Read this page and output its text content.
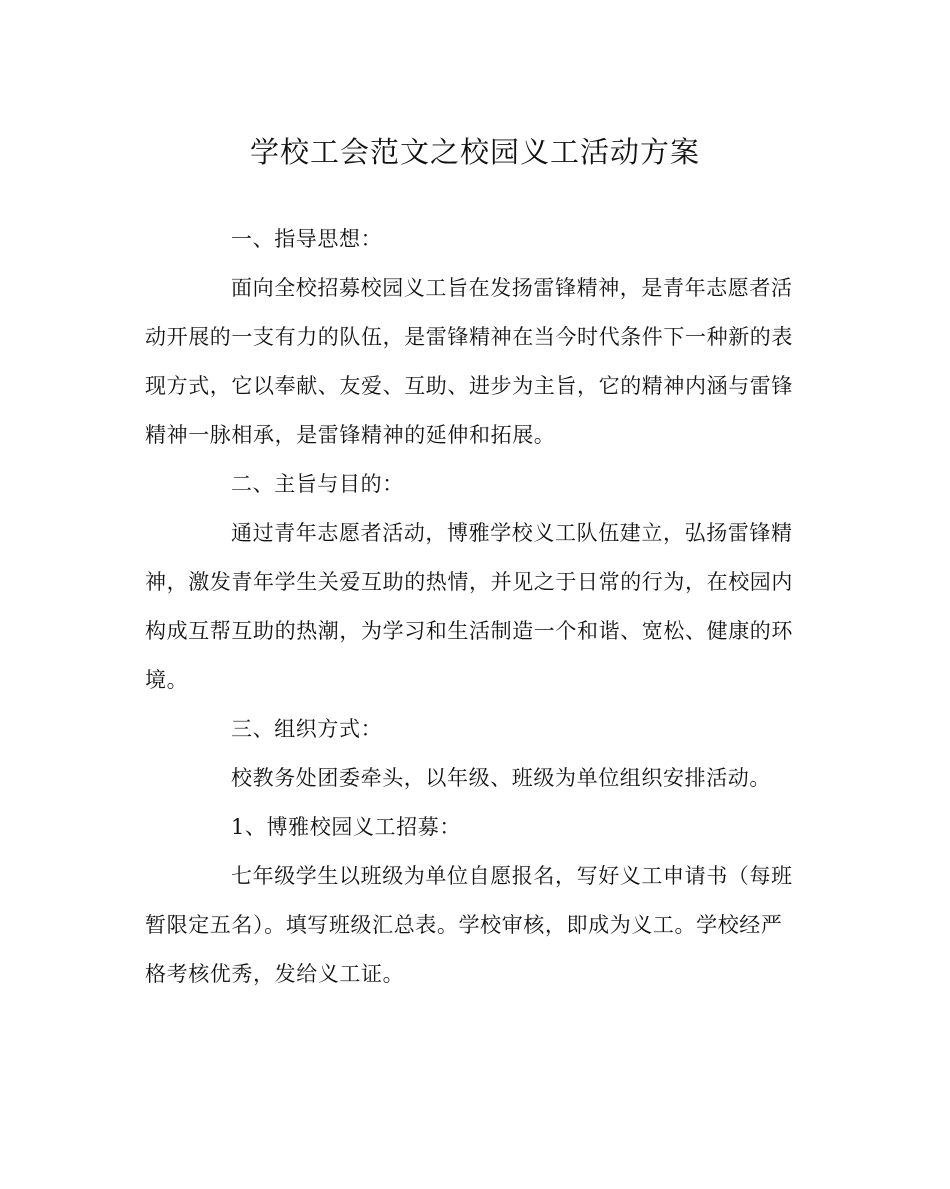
学校工会范文之校园义工活动方案
一、指导思想：
面向全校招募校园义工旨在发扬雷锋精神，是青年志愿者活
动开展的一支有力的队伍，是雷锋精神在当今时代条件下一种新的表
现方式，它以奉献、友爱、互助、进步为主旨，它的精神内涵与雷锋
精神一脉相承，是雷锋精神的延伸和拓展。
二、主旨与目的：
通过青年志愿者活动，博雅学校义工队伍建立，弘扬雷锋精
神，激发青年学生关爱互助的热情，并见之于日常的行为，在校园内
构成互帮互助的热潮，为学习和生活制造一个和谐、宽松、健康的环
境。
三、组织方式：
校教务处团委牵头，以年级、班级为单位组织安排活动。
1、博雅校园义工招募：
七年级学生以班级为单位自愿报名，写好义工申请书（每班
暂限定五名）。填写班级汇总表。学校审核，即成为义工。学校经严
格考核优秀，发给义工证。
